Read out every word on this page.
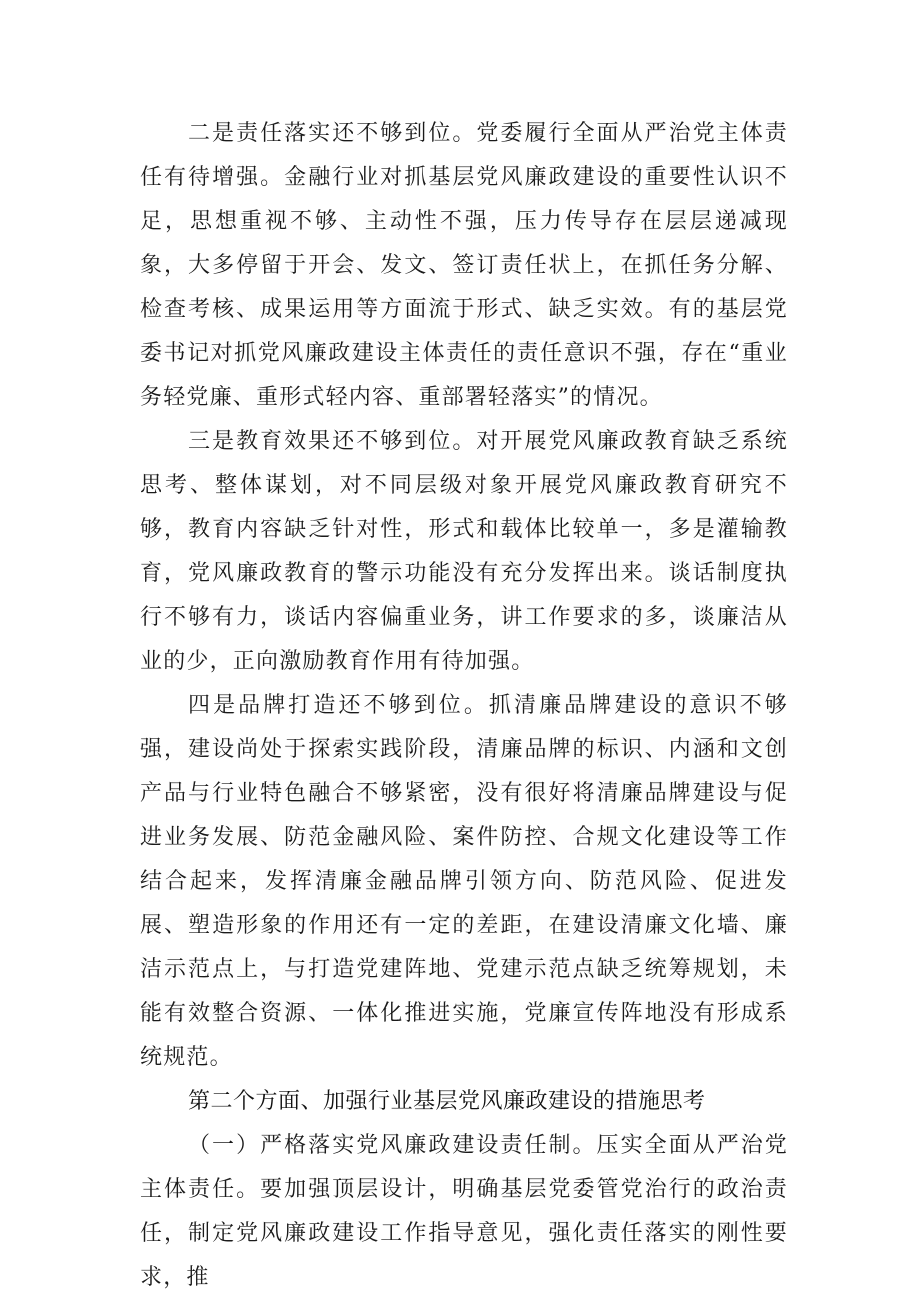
二是责任落实还不够到位。党委履行全面从严治党主体责任有待增强。金融行业对抓基层党风廉政建设的重要性认识不足，思想重视不够、主动性不强，压力传导存在层层递减现象，大多停留于开会、发文、签订责任状上，在抓任务分解、检查考核、成果运用等方面流于形式、缺乏实效。有的基层党委书记对抓党风廉政建设主体责任的责任意识不强，存在“重业务轻党廉、重形式轻内容、重部署轻落实”的情况。

三是教育效果还不够到位。对开展党风廉政教育缺乏系统思考、整体谋划，对不同层级对象开展党风廉政教育研究不够，教育内容缺乏针对性，形式和载体比较单一，多是灌输教育，党风廉政教育的警示功能没有充分发挥出来。谈话制度执行不够有力，谈话内容偏重业务，讲工作要求的多，谈廉洁从业的少，正向激励教育作用有待加强。

四是品牌打造还不够到位。抓清廉品牌建设的意识不够强，建设尚处于探索实践阶段，清廉品牌的标识、内涵和文创产品与行业特色融合不够紧密，没有很好将清廉品牌建设与促进业务发展、防范金融风险、案件防控、合规文化建设等工作结合起来，发挥清廉金融品牌引领方向、防范风险、促进发展、塑造形象的作用还有一定的差距，在建设清廉文化墙、廉洁示范点上，与打造党建阵地、党建示范点缺乏统筹规划，未能有效整合资源、一体化推进实施，党廉宣传阵地没有形成系统规范。

第二个方面、加强行业基层党风廉政建设的措施思考

（一）严格落实党风廉政建设责任制。压实全面从严治党主体责任。要加强顶层设计，明确基层党委管党治行的政治责任，制定党风廉政建设工作指导意见，强化责任落实的刚性要求，推
